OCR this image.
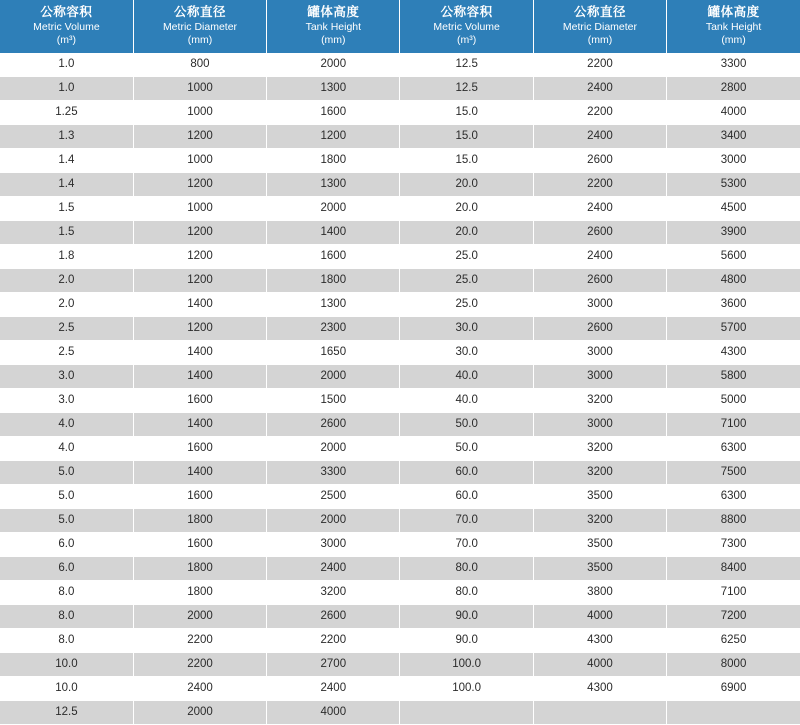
公称容积
Metric Volume
(m³)	公称直径
Metric Diameter
(mm)	罐体高度
Tank Height
(mm)	公称容积
Metric Volume
(m³)	公称直径
Metric Diameter
(mm)	罐体高度
Tank Height
(mm)

1.0	800	2000	12.5	2200	3300
1.0	1000	1300	12.5	2400	2800
1.25	1000	1600	15.0	2200	4000
1.3	1200	1200	15.0	2400	3400
1.4	1000	1800	15.0	2600	3000
1.4	1200	1300	20.0	2200	5300
1.5	1000	2000	20.0	2400	4500
1.5	1200	1400	20.0	2600	3900
1.8	1200	1600	25.0	2400	5600
2.0	1200	1800	25.0	2600	4800
2.0	1400	1300	25.0	3000	3600
2.5	1200	2300	30.0	2600	5700
2.5	1400	1650	30.0	3000	4300
3.0	1400	2000	40.0	3000	5800
3.0	1600	1500	40.0	3200	5000
4.0	1400	2600	50.0	3000	7100
4.0	1600	2000	50.0	3200	6300
5.0	1400	3300	60.0	3200	7500
5.0	1600	2500	60.0	3500	6300
5.0	1800	2000	70.0	3200	8800
6.0	1600	3000	70.0	3500	7300
6.0	1800	2400	80.0	3500	8400
8.0	1800	3200	80.0	3800	7100
8.0	2000	2600	90.0	4000	7200
8.0	2200	2200	90.0	4300	6250
10.0	2200	2700	100.0	4000	8000
10.0	2400	2400	100.0	4300	6900
12.5	2000	4000			
